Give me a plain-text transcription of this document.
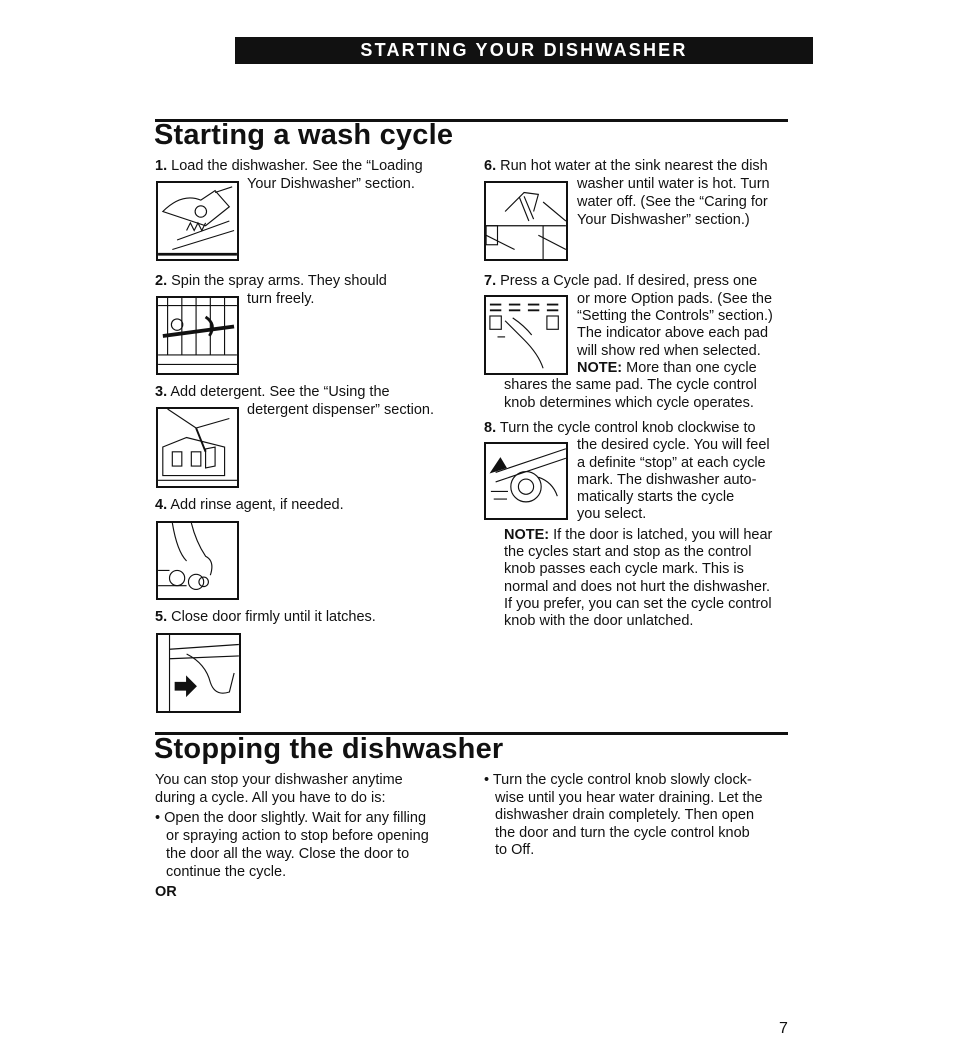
STARTING YOUR DISHWASHER
Starting a wash cycle
1. Load the dishwasher. See the “Loading
Your Dishwasher” section.
2. Spin the spray arms. They should
turn freely.
3. Add detergent. See the “Using the
detergent dispenser” section.
4. Add rinse agent, if needed.
5. Close door firmly until it latches.
6. Run hot water at the sink nearest the dish
washer until water is hot. Turn
water off. (See the “Caring for
Your Dishwasher” section.)
7. Press a Cycle pad. If desired, press one
or more Option pads. (See the
“Setting the Controls” section.)
The indicator above each pad
will show red when selected.
NOTE: More than one cycle
shares the same pad. The cycle control
knob determines which cycle operates.
8. Turn the cycle control knob clockwise to
the desired cycle. You will feel
a definite “stop” at each cycle
mark. The dishwasher auto-
matically starts the cycle
you select.
NOTE: If the door is latched, you will hear
the cycles start and stop as the control
knob passes each cycle mark. This is
normal and does not hurt the dishwasher.
If you prefer, you can set the cycle control
knob with the door unlatched.
Stopping the dishwasher
You can stop your dishwasher anytime
during a cycle. All you have to do is:
• Open the door slightly. Wait for any filling
or spraying action to stop before opening
the door all the way. Close the door to
continue the cycle.
OR
• Turn the cycle control knob slowly clock-
wise until you hear water draining. Let the
dishwasher drain completely. Then open
the door and turn the cycle control knob
to Off.
7
